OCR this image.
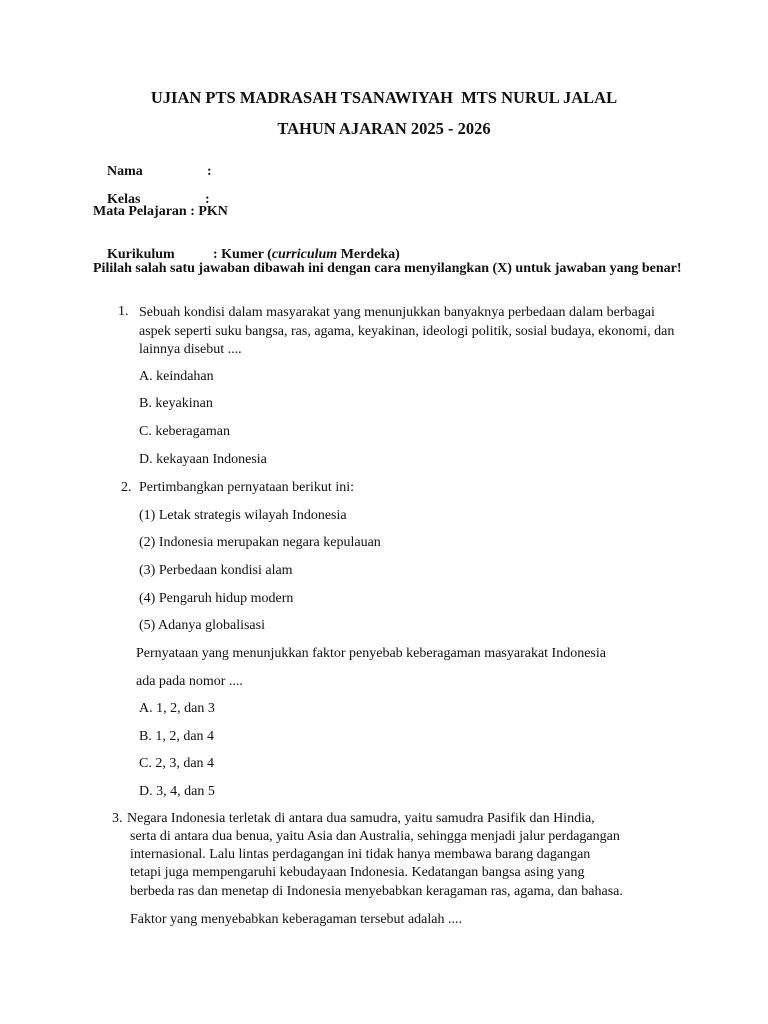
UJIAN PTS MADRASAH TSANAWIYAH  MTS NURUL JALAL
TAHUN AJARAN 2025 - 2026

Nama	:

Kelas	:

Mata Pelajaran : PKN

Kurikulum	: Kumer (curriculum Merdeka)

Pililah salah satu jawaban dibawah ini dengan cara menyilangkan (X) untuk jawaban yang benar!
1. Sebuah kondisi dalam masyarakat yang menunjukkan banyaknya perbedaan dalam berbagai aspek seperti suku bangsa, ras, agama, keyakinan, ideologi politik, sosial budaya, ekonomi, dan lainnya disebut ....
A. keindahan
B. keyakinan
C. keberagaman
D. kekayaan Indonesia
2. Pertimbangkan pernyataan berikut ini:
(1) Letak strategis wilayah Indonesia
(2) Indonesia merupakan negara kepulauan
(3) Perbedaan kondisi alam
(4) Pengaruh hidup modern
(5) Adanya globalisasi
Pernyataan yang menunjukkan faktor penyebab keberagaman masyarakat Indonesia
ada pada nomor ....
A. 1, 2, dan 3
B. 1, 2, dan 4
C. 2, 3, dan 4
D. 3, 4, dan 5
3. Negara Indonesia terletak di antara dua samudra, yaitu samudra Pasifik dan Hindia,
serta di antara dua benua, yaitu Asia dan Australia, sehingga menjadi jalur perdagangan
internasional. Lalu lintas perdagangan ini tidak hanya membawa barang dagangan
tetapi juga mempengaruhi kebudayaan Indonesia. Kedatangan bangsa asing yang
berbeda ras dan menetap di Indonesia menyebabkan keragaman ras, agama, dan bahasa.
Faktor yang menyebabkan keberagaman tersebut adalah ....
